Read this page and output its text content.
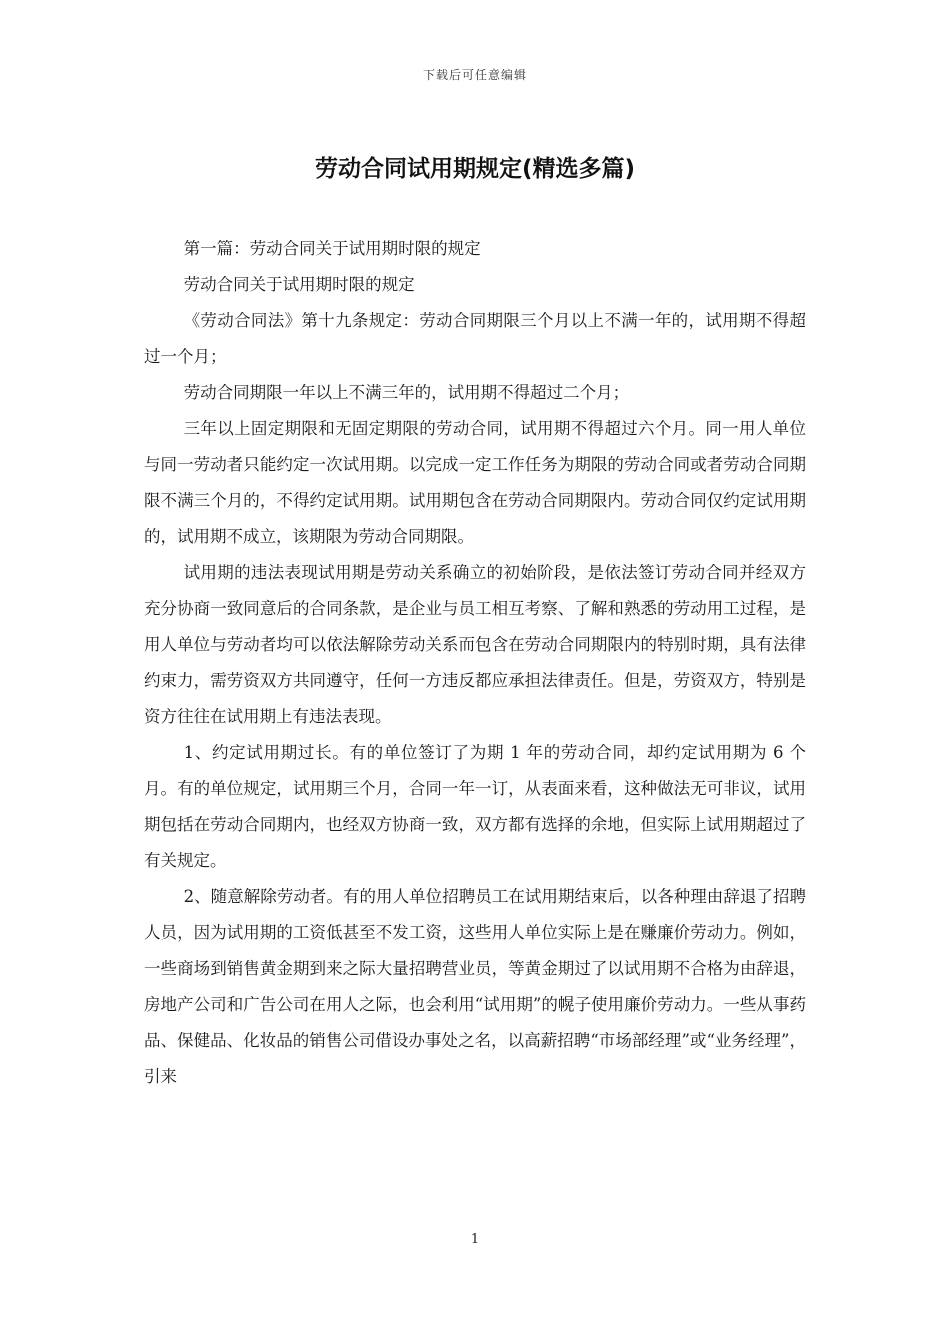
下载后可任意编辑
劳动合同试用期规定(精选多篇)

第一篇：劳动合同关于试用期时限的规定

劳动合同关于试用期时限的规定

《劳动合同法》第十九条规定：劳动合同期限三个月以上不满一年的，试用期不得超过一个月；

劳动合同期限一年以上不满三年的，试用期不得超过二个月；

三年以上固定期限和无固定期限的劳动合同，试用期不得超过六个月。同一用人单位与同一劳动者只能约定一次试用期。以完成一定工作任务为期限的劳动合同或者劳动合同期限不满三个月的，不得约定试用期。试用期包含在劳动合同期限内。劳动合同仅约定试用期的，试用期不成立，该期限为劳动合同期限。

试用期的违法表现试用期是劳动关系确立的初始阶段，是依法签订劳动合同并经双方充分协商一致同意后的合同条款，是企业与员工相互考察、了解和熟悉的劳动用工过程，是用人单位与劳动者均可以依法解除劳动关系而包含在劳动合同期限内的特别时期，具有法律约束力，需劳资双方共同遵守，任何一方违反都应承担法律责任。但是，劳资双方，特别是资方往往在试用期上有违法表现。

1、约定试用期过长。有的单位签订了为期 1 年的劳动合同，却约定试用期为 6 个月。有的单位规定，试用期三个月，合同一年一订，从表面来看，这种做法无可非议，试用期包括在劳动合同期内，也经双方协商一致，双方都有选择的余地，但实际上试用期超过了有关规定。

2、随意解除劳动者。有的用人单位招聘员工在试用期结束后，以各种理由辞退了招聘人员，因为试用期的工资低甚至不发工资，这些用人单位实际上是在赚廉价劳动力。例如，一些商场到销售黄金期到来之际大量招聘营业员，等黄金期过了以试用期不合格为由辞退，房地产公司和广告公司在用人之际，也会利用“试用期”的幌子使用廉价劳动力。一些从事药品、保健品、化妆品的销售公司借设办事处之名，以高薪招聘“市场部经理”或“业务经理”，引来

1
